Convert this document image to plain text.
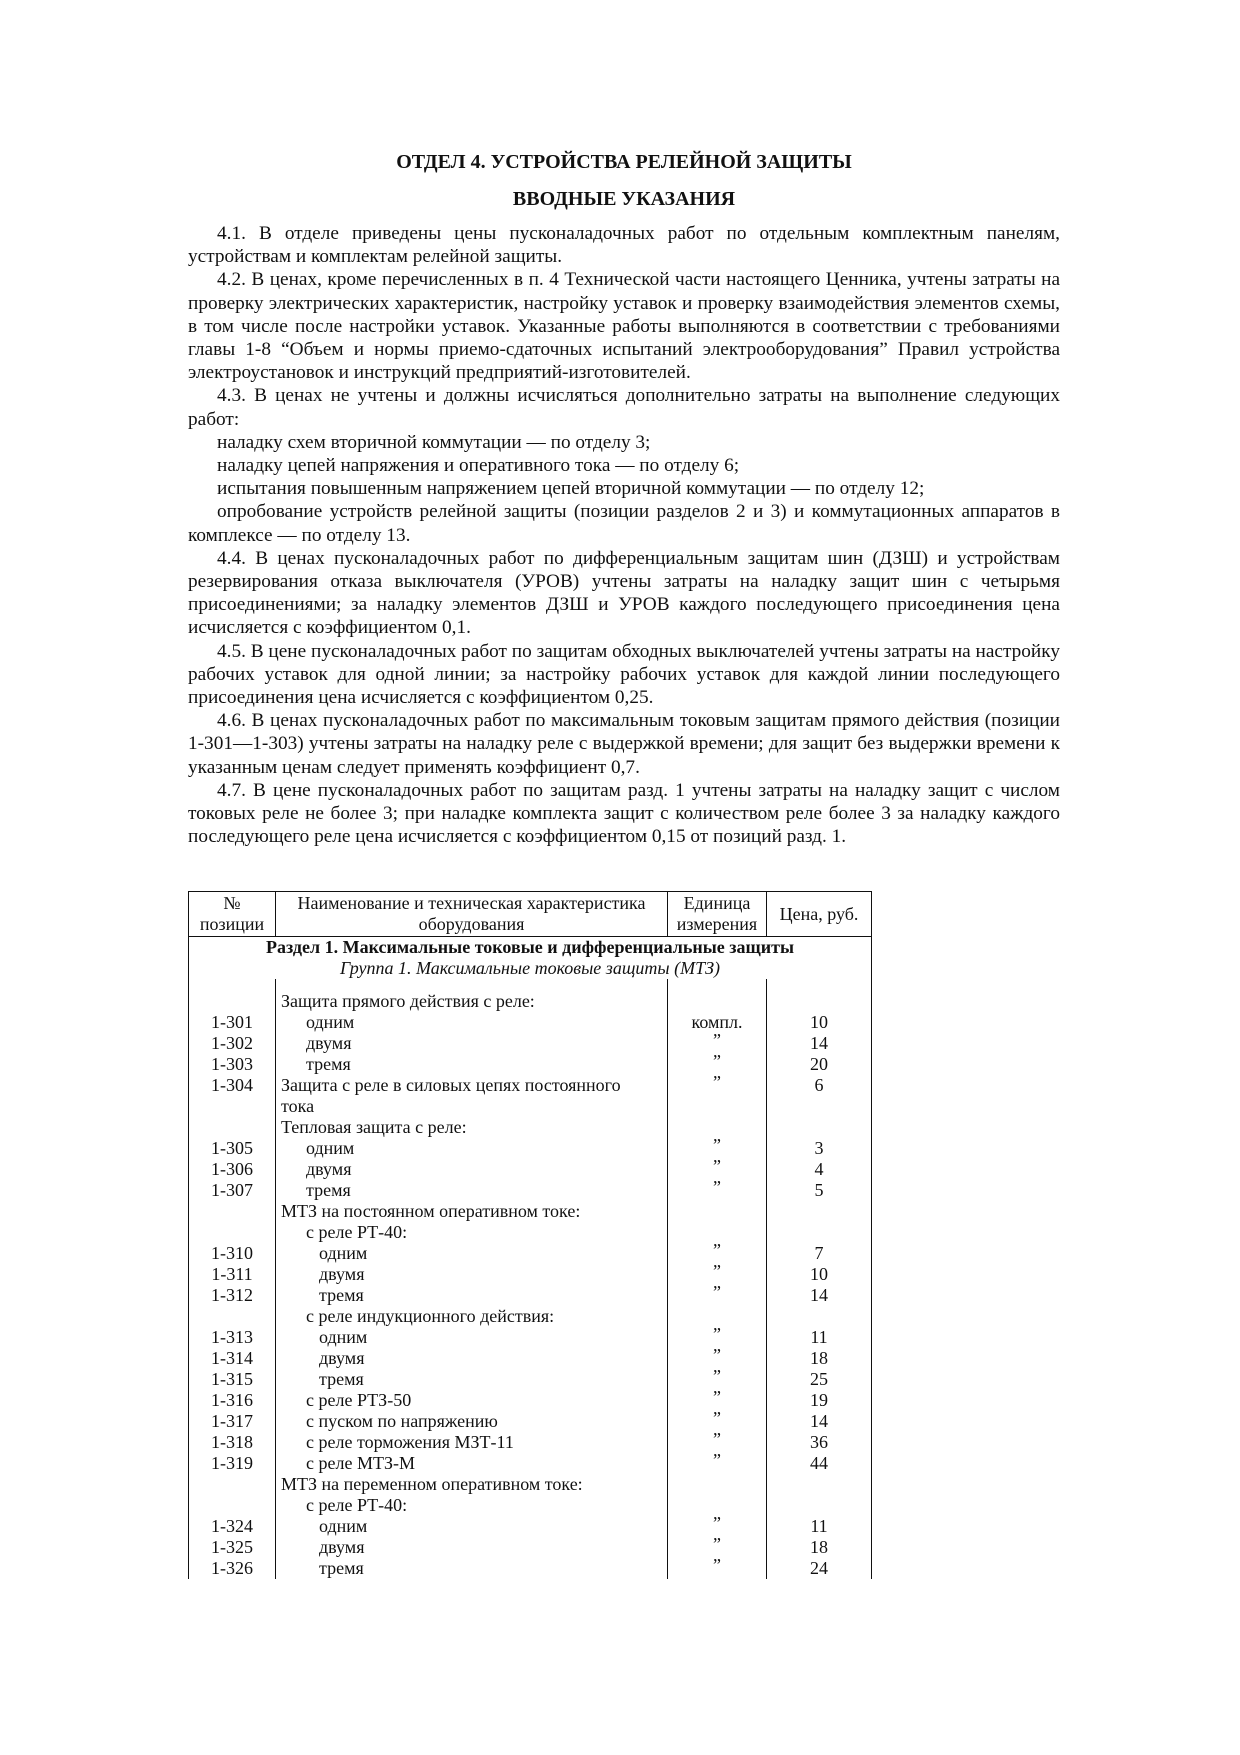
ОТДЕЛ 4. УСТРОЙСТВА РЕЛЕЙНОЙ ЗАЩИТЫ
ВВОДНЫЕ УКАЗАНИЯ

4.1. В отделе приведены цены пусконаладочных работ по отдельным комплектным панелям, устройствам и комплектам релейной защиты.

4.2. В ценах, кроме перечисленных в п. 4 Технической части настоящего Ценника, учтены затраты на проверку электрических характеристик, настройку уставок и проверку взаимодействия элементов схемы, в том числе после настройки уставок. Указанные работы выполняются в соответствии с требованиями главы 1-8 “Объем и нормы приемо-сдаточных испытаний электрооборудования” Правил устройства электроустановок и инструкций предприятий-изготовителей.

4.3. В ценах не учтены и должны исчисляться дополнительно затраты на выполнение следующих работ:

наладку схем вторичной коммутации — по отделу 3;

наладку цепей напряжения и оперативного тока — по отделу 6;

испытания повышенным напряжением цепей вторичной коммутации — по отделу 12;

опробование устройств релейной защиты (позиции разделов 2 и 3) и коммутационных аппаратов в комплексе — по отделу 13.

4.4. В ценах пусконаладочных работ по дифференциальным защитам шин (ДЗШ) и устройствам резервирования отказа выключателя (УРОВ) учтены затраты на наладку защит шин с четырьмя присоединениями; за наладку элементов ДЗШ и УРОВ каждого последующего присоединения цена исчисляется с коэффициентом 0,1.

4.5. В цене пусконаладочных работ по защитам обходных выключателей учтены затраты на настройку рабочих уставок для одной линии; за настройку рабочих уставок для каждой линии последующего присоединения цена исчисляется с коэффициентом 0,25.

4.6. В ценах пусконаладочных работ по максимальным токовым защитам прямого действия (позиции 1-301—1-303) учтены затраты на наладку реле с выдержкой времени; для защит без выдержки времени к указанным ценам следует применять коэффициент 0,7.

4.7. В цене пусконаладочных работ по защитам разд. 1 учтены затраты на наладку защит с числом токовых реле не более 3; при наладке комплекта защит с количеством реле более 3 за наладку каждого последующего реле цена исчисляется с коэффициентом 0,15 от позиций разд. 1.

№ позиции	Наименование и техническая характеристика оборудования	Единица измерения	Цена, руб.
Раздел 1. Максимальные токовые и дифференциальные защиты			
Группа 1. Максимальные токовые защиты (МТЗ)			

	Защита прямого действия с реле:		
1-301	одним	компл.	10
1-302	двумя	”	14
1-303	тремя	”	20
1-304	Защита с реле в силовых цепях постоянного	”	6
	тока		
	Тепловая защита с реле:		
1-305	одним	”	3
1-306	двумя	”	4
1-307	тремя	”	5
	МТЗ на постоянном оперативном токе:		
	с реле РТ-40:		
1-310	одним	”	7
1-311	двумя	”	10
1-312	тремя	”	14
	с реле индукционного действия:		
1-313	одним	”	11
1-314	двумя	”	18
1-315	тремя	”	25
1-316	с реле РТЗ-50	”	19
1-317	с пуском по напряжению	”	14
1-318	с реле торможения МЗТ-11	”	36
1-319	с реле МТЗ-М	”	44
	МТЗ на переменном оперативном токе:		
	с реле РТ-40:		
1-324	одним	”	11
1-325	двумя	”	18
1-326	тремя	”	24
